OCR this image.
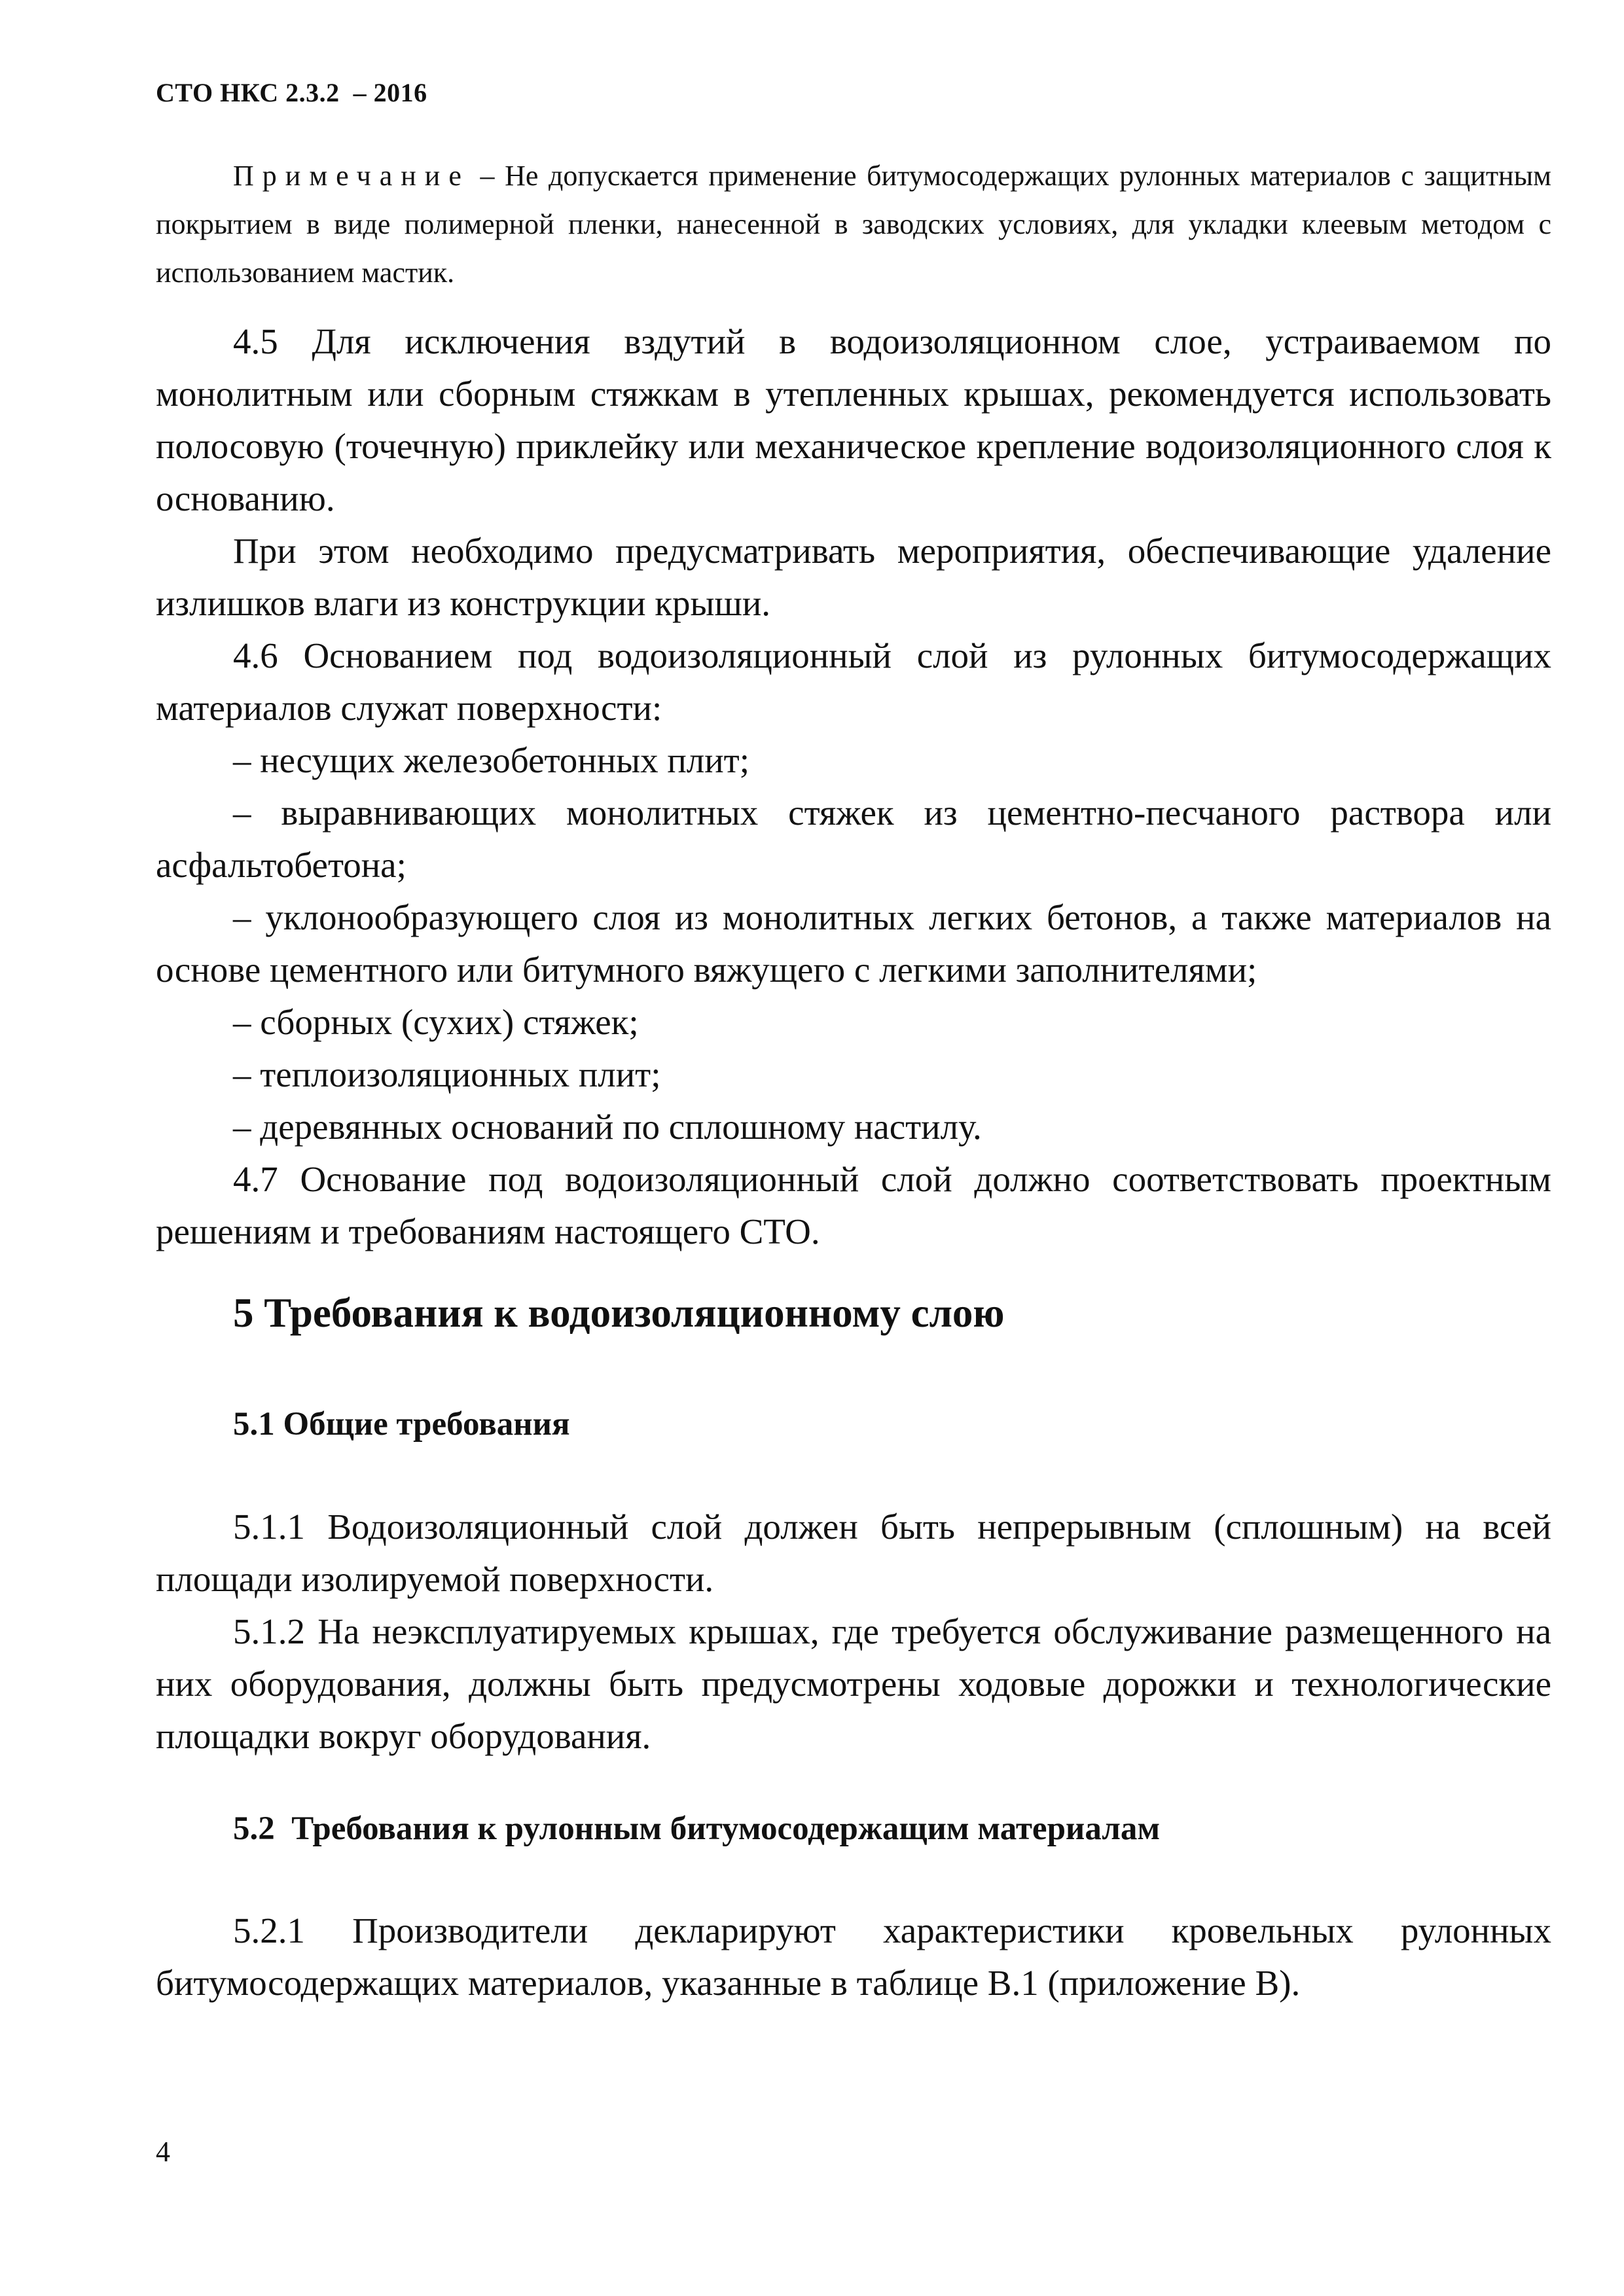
СТО НКС 2.3.2  – 2016
Примечание – Не допускается применение битумосодержащих рулонных материалов с защитным покрытием в виде полимерной пленки, нанесенной в заводских условиях, для укладки клеевым методом с использованием мастик.

4.5 Для исключения вздутий в водоизоляционном слое, устраиваемом по монолитным или сборным стяжкам в утепленных крышах, рекомендуется использовать полосовую (точечную) приклейку или механическое крепление водоизоляционного слоя к основанию.

При этом необходимо предусматривать мероприятия, обеспечивающие удаление излишков влаги из конструкции крыши.

4.6 Основанием под водоизоляционный слой из рулонных битумосодержащих материалов служат поверхности:

– несущих железобетонных плит;

– выравнивающих монолитных стяжек из цементно-песчаного раствора или асфальтобетона;

– уклонообразующего слоя из монолитных легких бетонов, а также материалов на основе цементного или битумного вяжущего с легкими заполнителями;

– сборных (сухих) стяжек;

– теплоизоляционных плит;

– деревянных оснований по сплошному настилу.

4.7 Основание под водоизоляционный слой должно соответствовать проектным решениям и требованиям настоящего СТО.

5 Требования к водоизоляционному слою
5.1 Общие требования

5.1.1 Водоизоляционный слой должен быть непрерывным (сплошным) на всей площади изолируемой поверхности.

5.1.2 На неэксплуатируемых крышах, где требуется обслуживание размещенного на них оборудования, должны быть предусмотрены ходовые дорожки и технологические площадки вокруг оборудования.

5.2  Требования к рулонным битумосодержащим материалам

5.2.1 Производители декларируют характеристики кровельных рулонных битумосодержащих материалов, указанные в таблице В.1 (приложение В).

4
